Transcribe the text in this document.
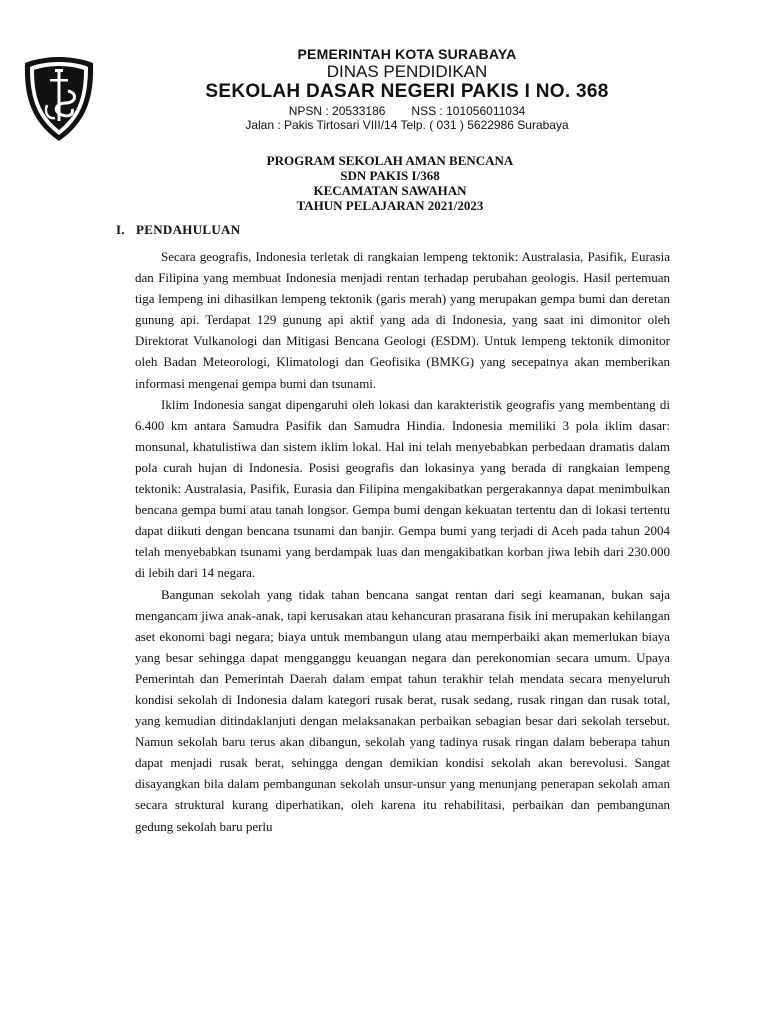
PEMERINTAH KOTA SURABAYA
DINAS PENDIDIKAN
SEKOLAH DASAR NEGERI PAKIS I NO. 368
NPSN : 20533186 NSS : 101056011034
Jalan : Pakis Tirtosari VIII/14 Telp. ( 031 ) 5622986 Surabaya
PROGRAM SEKOLAH AMAN BENCANA
SDN PAKIS I/368
KECAMATAN SAWAHAN
TAHUN PELAJARAN 2021/2023
I. PENDAHULUAN

Secara geografis, Indonesia terletak di rangkaian lempeng tektonik: Australasia, Pasifik, Eurasia dan Filipina yang membuat Indonesia menjadi rentan terhadap perubahan geologis. Hasil pertemuan tiga lempeng ini dihasilkan lempeng tektonik (garis merah) yang merupakan gempa bumi dan deretan gunung api. Terdapat 129 gunung api aktif yang ada di Indonesia, yang saat ini dimonitor oleh Direktorat Vulkanologi dan Mitigasi Bencana Geologi (ESDM). Untuk lempeng tektonik dimonitor oleh Badan Meteorologi, Klimatologi dan Geofisika (BMKG) yang secepatnya akan memberikan informasi mengenai gempa bumi dan tsunami.

Iklim Indonesia sangat dipengaruhi oleh lokasi dan karakteristik geografis yang membentang di 6.400 km antara Samudra Pasifik dan Samudra Hindia. Indonesia memiliki 3 pola iklim dasar: monsunal, khatulistiwa dan sistem iklim lokal. Hal ini telah menyebabkan perbedaan dramatis dalam pola curah hujan di Indonesia. Posisi geografis dan lokasinya yang berada di rangkaian lempeng tektonik: Australasia, Pasifik, Eurasia dan Filipina mengakibatkan pergerakannya dapat menimbulkan bencana gempa bumi atau tanah longsor. Gempa bumi dengan kekuatan tertentu dan di lokasi tertentu dapat diikuti dengan bencana tsunami dan banjir. Gempa bumi yang terjadi di Aceh pada tahun 2004 telah menyebabkan tsunami yang berdampak luas dan mengakibatkan korban jiwa lebih dari 230.000 di lebih dari 14 negara.

Bangunan sekolah yang tidak tahan bencana sangat rentan dari segi keamanan, bukan saja mengancam jiwa anak-anak, tapi kerusakan atau kehancuran prasarana fisik ini merupakan kehilangan aset ekonomi bagi negara; biaya untuk membangun ulang atau memperbaiki akan memerlukan biaya yang besar sehingga dapat mengganggu keuangan negara dan perekonomian secara umum. Upaya Pemerintah dan Pemerintah Daerah dalam empat tahun terakhir telah mendata secara menyeluruh kondisi sekolah di Indonesia dalam kategori rusak berat, rusak sedang, rusak ringan dan rusak total, yang kemudian ditindaklanjuti dengan melaksanakan perbaikan sebagian besar dari sekolah tersebut. Namun sekolah baru terus akan dibangun, sekolah yang tadinya rusak ringan dalam beberapa tahun dapat menjadi rusak berat, sehingga dengan demikian kondisi sekolah akan berevolusi. Sangat disayangkan bila dalam pembangunan sekolah unsur-unsur yang menunjang penerapan sekolah aman secara struktural kurang diperhatikan, oleh karena itu rehabilitasi, perbaikan dan pembangunan gedung sekolah baru perlu
